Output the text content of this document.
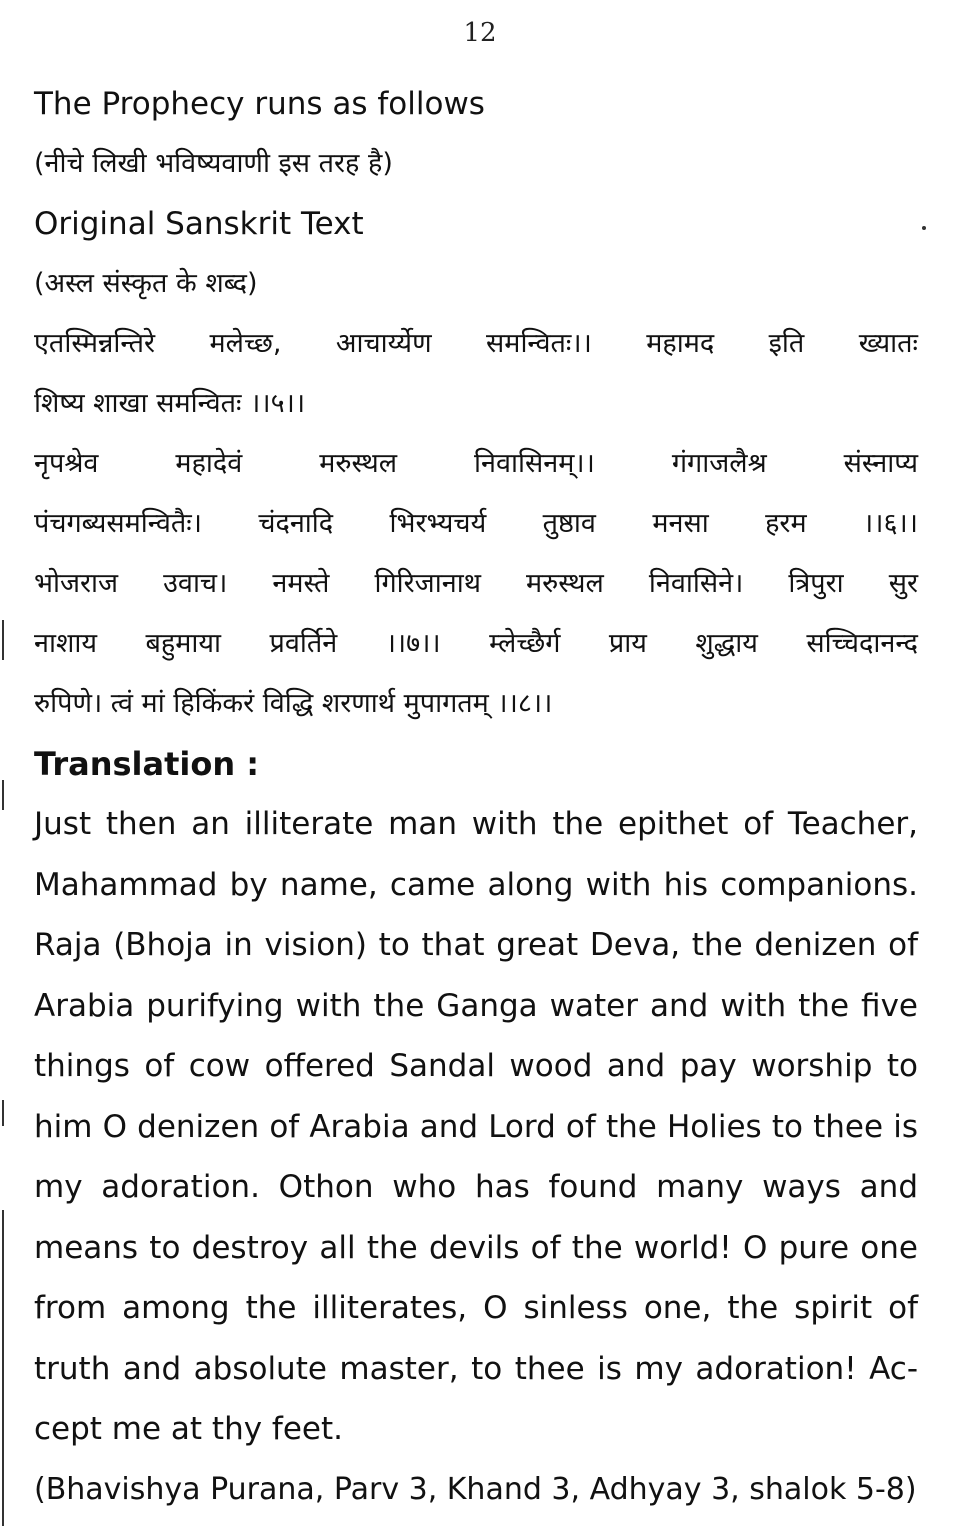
12
The Prophecy runs as follows
(नीचे लिखी भविष्यवाणी इस तरह है)
Original Sanskrit Text
(अस्ल संस्कृत के शब्द)
एतस्मिन्नन्तिरे मलेच्छ, आचार्य्येण समन्वितः।। महामद इति ख्यातः
शिष्य शाखा समन्वितः ।।५।।
नृपश्रेव महादेवं मरुस्थल निवासिनम्।। गंगाजलैश्र संस्नाप्य
पंचगब्यसमन्वितैः। चंदनादि भिरभ्यचर्य तुष्ठाव मनसा हरम ।।६।।
भोजराज उवाच। नमस्ते गिरिजानाथ मरुस्थल निवासिने। त्रिपुरा सुर
नाशाय बहुमाया प्रवर्तिने ।।७।। म्लेच्छैर्ग प्राय शुद्धाय सच्चिदानन्द
रुपिणे। त्वं मां हिकिंकरं विद्धि शरणार्थ मुपागतम् ।।८।।
Translation :
Just then an illiterate man with the epithet of Teacher,
Mahammad by name, came along with his companions.
Raja (Bhoja in vision) to that great Deva, the denizen of
Arabia purifying with the Ganga water and with the five
things of cow offered Sandal wood and pay worship to
him O denizen of Arabia and Lord of the Holies to thee is
my adoration. Othon who has found many ways and
means to destroy all the devils of the world! O pure one
from among the illiterates, O sinless one, the spirit of
truth and absolute master, to thee is my adoration! Ac-
cept me at thy feet.
(Bhavishya Purana, Parv 3, Khand 3, Adhyay 3, shalok 5-8)
